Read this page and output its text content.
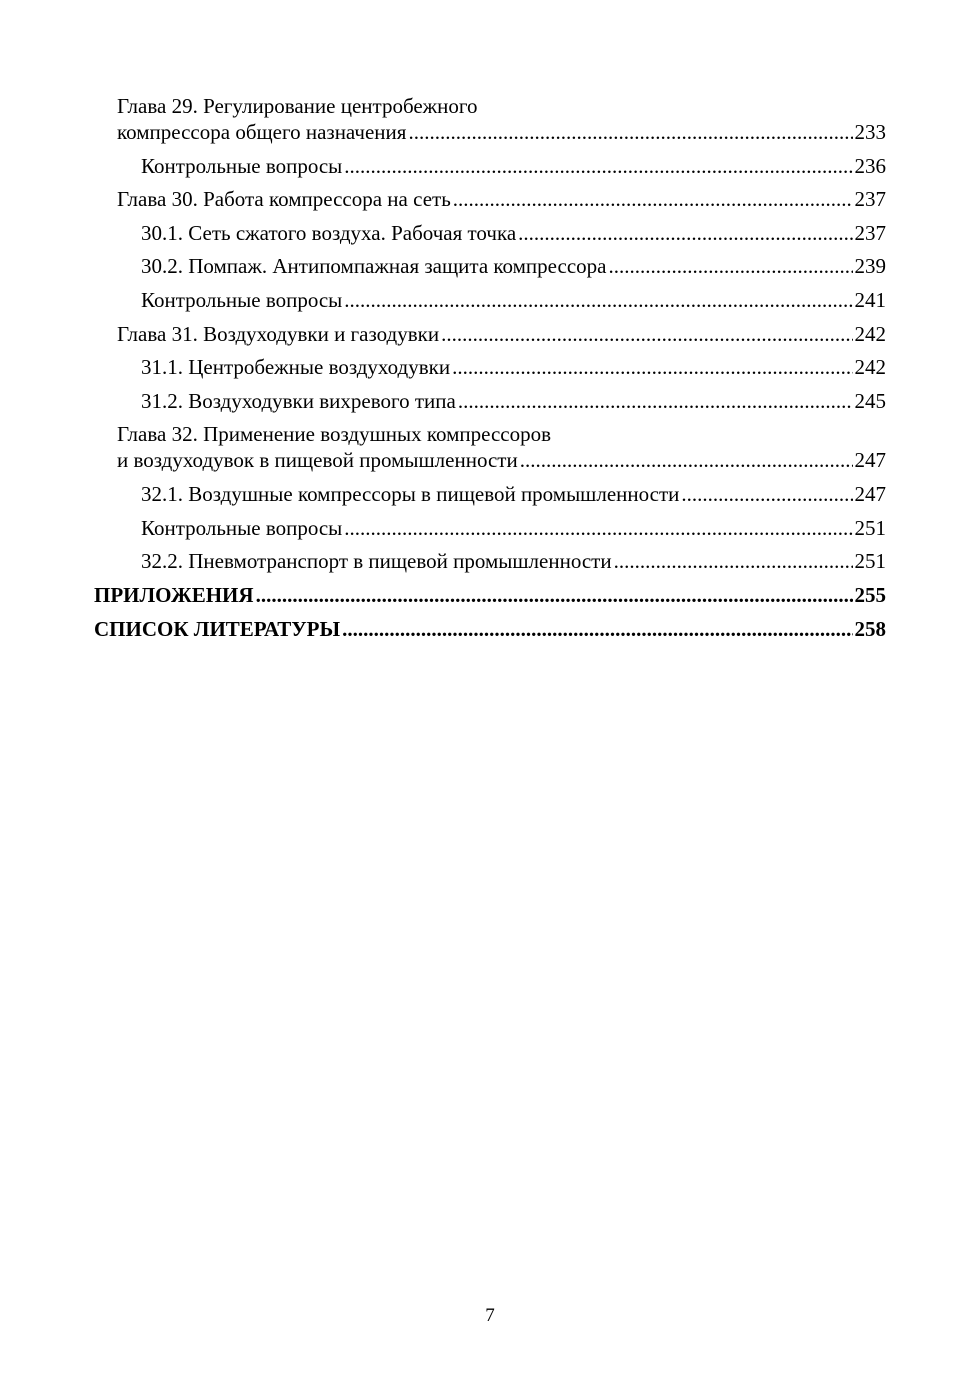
Глава 29. Регулирование центробежного
компрессора общего назначения .....	233
Контрольные вопросы .....	236
Глава 30. Работа компрессора на сеть .....	237
30.1. Сеть сжатого воздуха. Рабочая точка .....	237
30.2. Помпаж. Антипомпажная защита компрессора .....	239
Контрольные вопросы .....	241
Глава 31. Воздуходувки и газодувки .....	242
31.1. Центробежные воздуходувки .....	242
31.2. Воздуходувки вихревого типа .....	245
Глава 32. Применение воздушных компрессоров
и воздуходувок в пищевой промышленности .....	247
32.1. Воздушные компрессоры в пищевой промышленности .....	247
Контрольные вопросы .....	251
32.2. Пневмотранспорт в пищевой промышленности .....	251
ПРИЛОЖЕНИЯ .....	255
СПИСОК ЛИТЕРАТУРЫ .....	258
7
